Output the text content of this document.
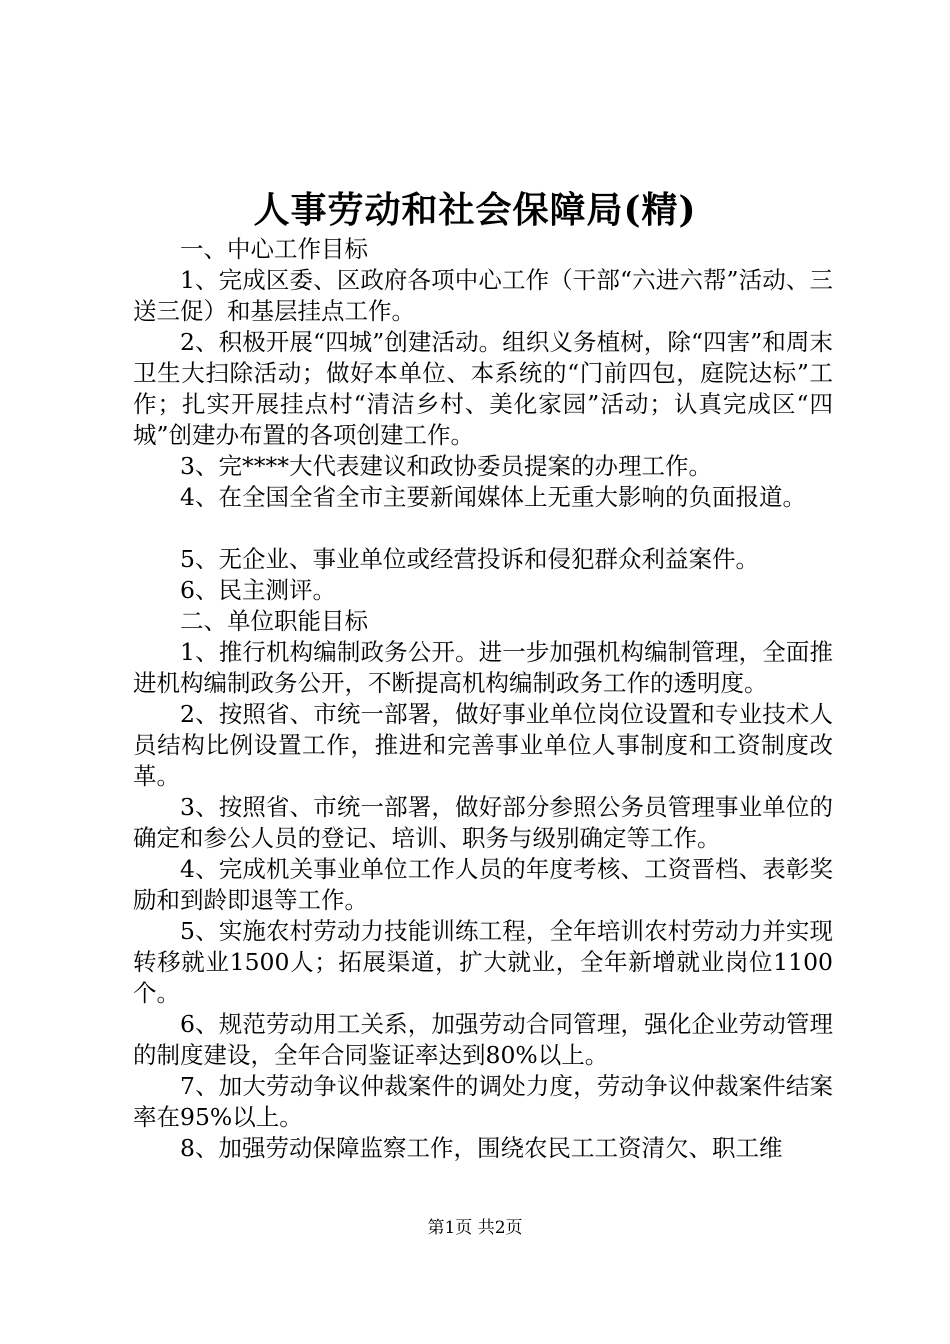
人事劳动和社会保障局(精)

一、中心工作目标

1、完成区委、区政府各项中心工作（干部“六进六帮”活动、三送三促）和基层挂点工作。

2、积极开展“四城”创建活动。组织义务植树，除“四害”和周末卫生大扫除活动；做好本单位、本系统的“门前四包，庭院达标”工作；扎实开展挂点村“清洁乡村、美化家园”活动；认真完成区“四城”创建办布置的各项创建工作。

3、完****大代表建议和政协委员提案的办理工作。

4、在全国全省全市主要新闻媒体上无重大影响的负面报道。

5、无企业、事业单位或经营投诉和侵犯群众利益案件。

6、民主测评。

二、单位职能目标

1、推行机构编制政务公开。进一步加强机构编制管理，全面推进机构编制政务公开，不断提高机构编制政务工作的透明度。

2、按照省、市统一部署，做好事业单位岗位设置和专业技术人员结构比例设置工作，推进和完善事业单位人事制度和工资制度改革。

3、按照省、市统一部署，做好部分参照公务员管理事业单位的确定和参公人员的登记、培训、职务与级别确定等工作。

4、完成机关事业单位工作人员的年度考核、工资晋档、表彰奖励和到龄即退等工作。

5、实施农村劳动力技能训练工程，全年培训农村劳动力并实现转移就业1500人；拓展渠道，扩大就业，全年新增就业岗位1100个。

6、规范劳动用工关系，加强劳动合同管理，强化企业劳动管理的制度建设，全年合同鉴证率达到80%以上。

7、加大劳动争议仲裁案件的调处力度，劳动争议仲裁案件结案率在95%以上。

8、加强劳动保障监察工作，围绕农民工工资清欠、职工维

第1页 共2页
